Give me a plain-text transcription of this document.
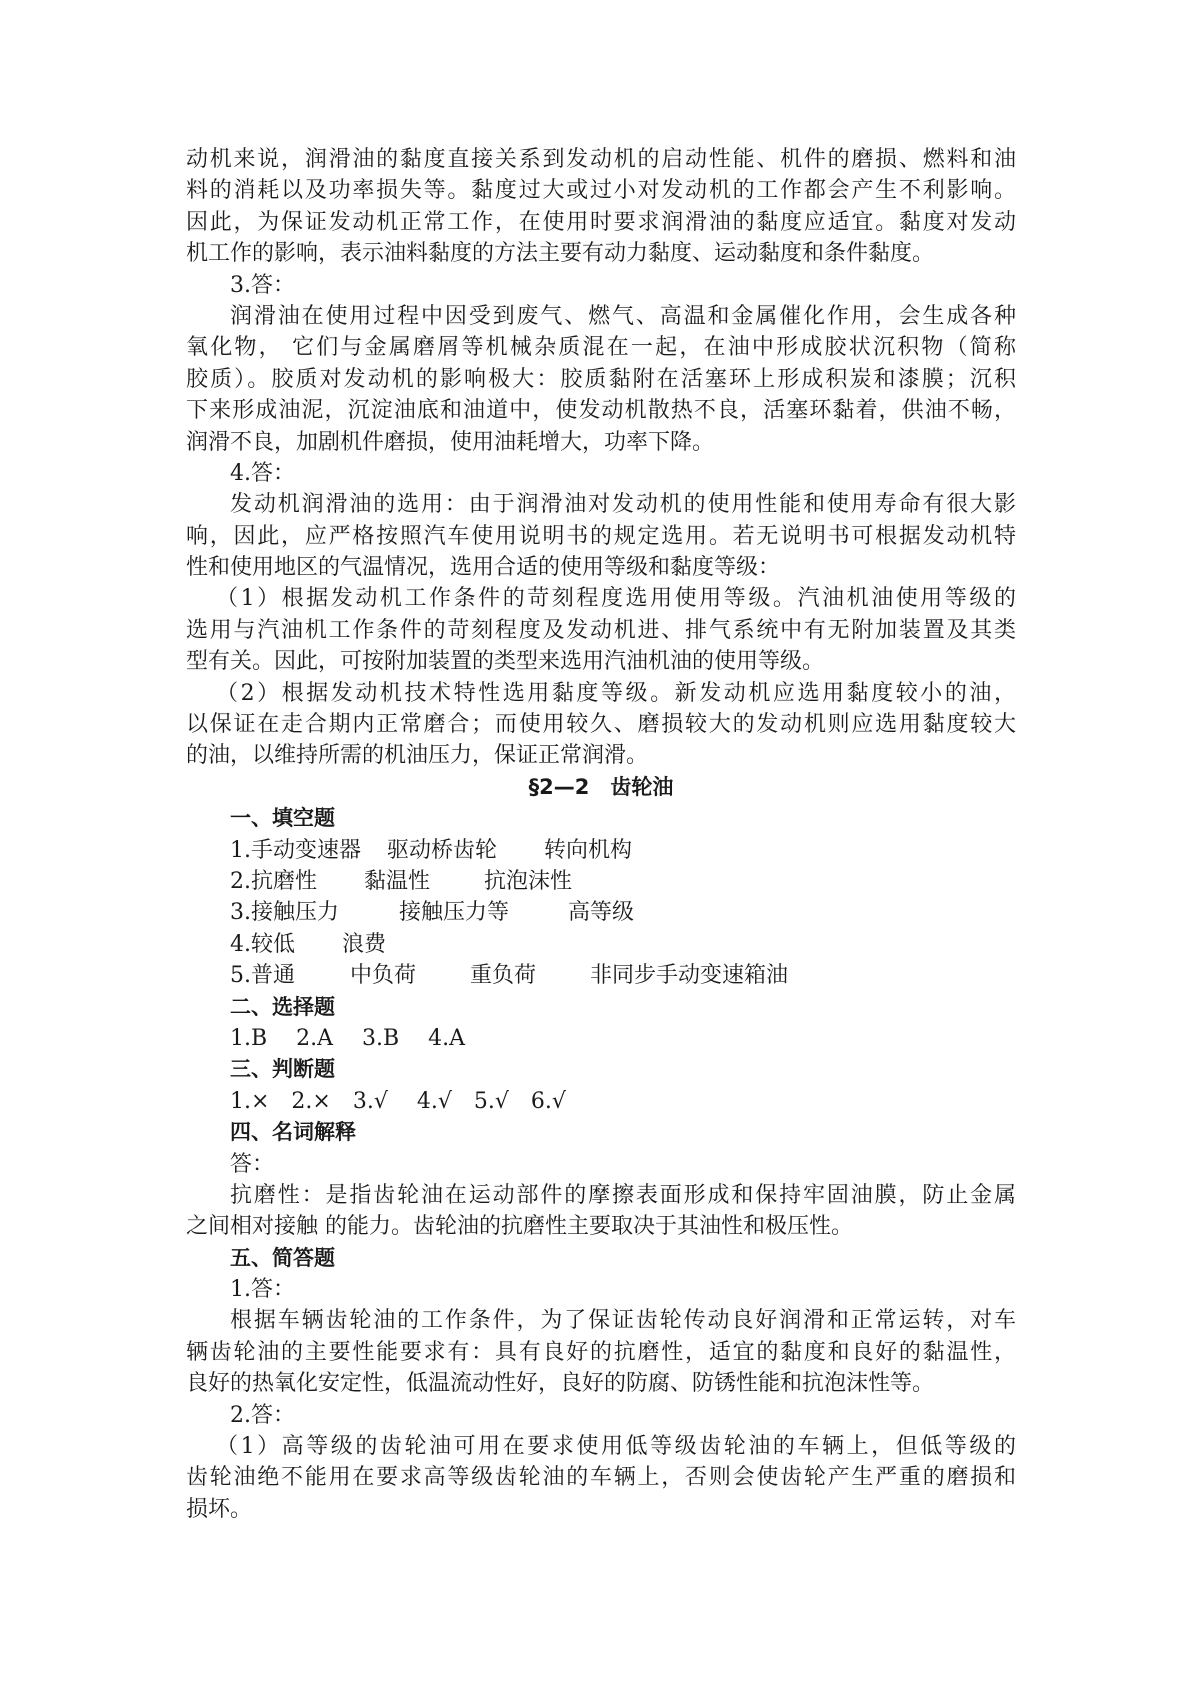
动机来说，润滑油的黏度直接关系到发动机的启动性能、机件的磨损、燃料和油
料的消耗以及功率损失等。黏度过大或过小对发动机的工作都会产生不利影响。
因此，为保证发动机正常工作，在使用时要求润滑油的黏度应适宜。黏度对发动
机工作的影响，表示油料黏度的方法主要有动力黏度、运动黏度和条件黏度。
3.答：
润滑油在使用过程中因受到废气、燃气、高温和金属催化作用，会生成各种
氧化物， 它们与金属磨屑等机械杂质混在一起，在油中形成胶状沉积物（简称
胶质）。胶质对发动机的影响极大：胶质黏附在活塞环上形成积炭和漆膜；沉积
下来形成油泥，沉淀油底和油道中，使发动机散热不良，活塞环黏着，供油不畅，
润滑不良，加剧机件磨损，使用油耗增大，功率下降。
4.答：
发动机润滑油的选用：由于润滑油对发动机的使用性能和使用寿命有很大影
响，因此，应严格按照汽车使用说明书的规定选用。若无说明书可根据发动机特
性和使用地区的气温情况，选用合适的使用等级和黏度等级：
（1）根据发动机工作条件的苛刻程度选用使用等级。汽油机油使用等级的
选用与汽油机工作条件的苛刻程度及发动机进、排气系统中有无附加装置及其类
型有关。因此，可按附加装置的类型来选用汽油机油的使用等级。
（2）根据发动机技术特性选用黏度等级。新发动机应选用黏度较小的油，
以保证在走合期内正常磨合；而使用较久、磨损较大的发动机则应选用黏度较大
的油，以维持所需的机油压力，保证正常润滑。
§2—2　齿轮油
一、填空题
1.手动变速器 驱动桥齿轮 转向机构
2.抗磨性 黏温性 抗泡沫性
3.接触压力	接触压力等	高等级
4.较低 浪费
5.普通	中负荷 重负荷 非同步手动变速箱油
二、选择题
1.B　 2.A　 3.B　 4.A
三、判断题
1.×　2.×　3.√　 4.√　5.√　6.√
四、名词解释
答：
抗磨性：是指齿轮油在运动部件的摩擦表面形成和保持牢固油膜，防止金属
之间相对接触 的能力。齿轮油的抗磨性主要取决于其油性和极压性。
五、简答题
1.答：
根据车辆齿轮油的工作条件，为了保证齿轮传动良好润滑和正常运转，对车
辆齿轮油的主要性能要求有：具有良好的抗磨性，适宜的黏度和良好的黏温性，
良好的热氧化安定性，低温流动性好，良好的防腐、防锈性能和抗泡沫性等。
2.答：
（1）高等级的齿轮油可用在要求使用低等级齿轮油的车辆上，但低等级的
齿轮油绝不能用在要求高等级齿轮油的车辆上，否则会使齿轮产生严重的磨损和
损坏。
